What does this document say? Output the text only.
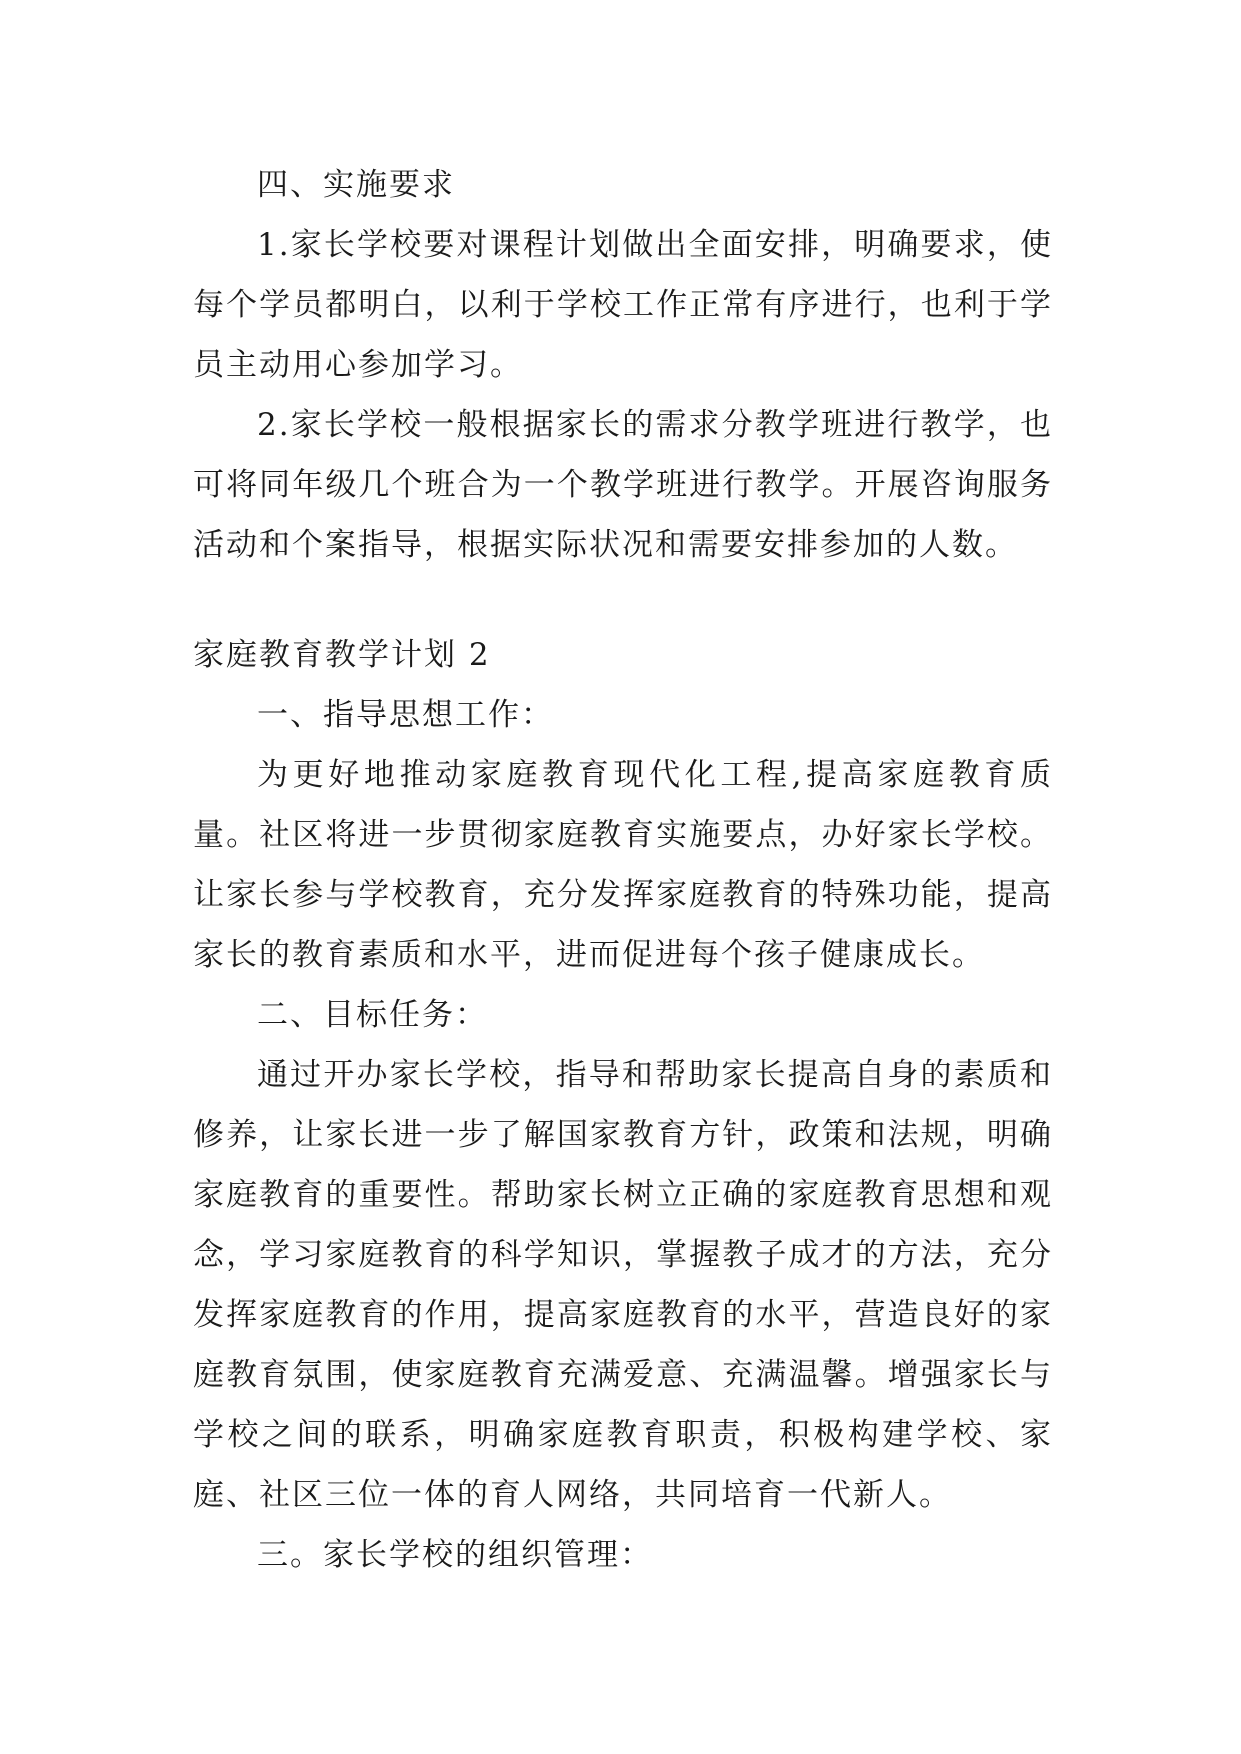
四、实施要求

1.家长学校要对课程计划做出全面安排，明确要求，使每个学员都明白，以利于学校工作正常有序进行，也利于学员主动用心参加学习。

2.家长学校一般根据家长的需求分教学班进行教学，也可将同年级几个班合为一个教学班进行教学。开展咨询服务活动和个案指导，根据实际状况和需要安排参加的人数。

家庭教育教学计划 2

一、指导思想工作：

为更好地推动家庭教育现代化工程,提高家庭教育质量。社区将进一步贯彻家庭教育实施要点，办好家长学校。让家长参与学校教育，充分发挥家庭教育的特殊功能，提高家长的教育素质和水平，进而促进每个孩子健康成长。

二、目标任务：

通过开办家长学校，指导和帮助家长提高自身的素质和修养，让家长进一步了解国家教育方针，政策和法规，明确家庭教育的重要性。帮助家长树立正确的家庭教育思想和观念，学习家庭教育的科学知识，掌握教子成才的方法，充分发挥家庭教育的作用，提高家庭教育的水平，营造良好的家庭教育氛围，使家庭教育充满爱意、充满温馨。增强家长与学校之间的联系，明确家庭教育职责，积极构建学校、家庭、社区三位一体的育人网络，共同培育一代新人。

三。家长学校的组织管理：
